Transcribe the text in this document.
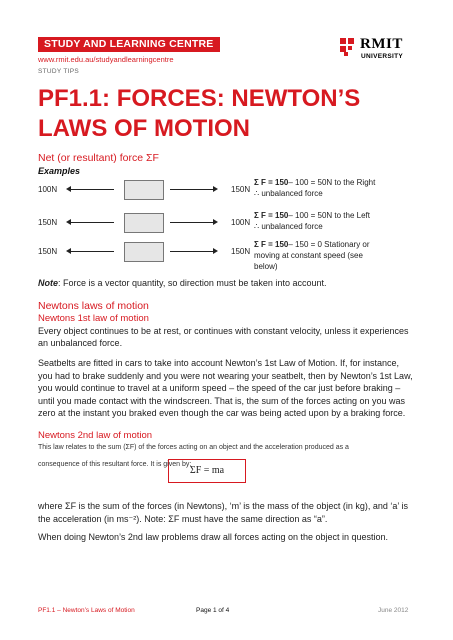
STUDY AND LEARNING CENTRE
www.rmit.edu.au/studyandlearningcentre
STUDY TIPS
RMIT
UNIVERSITY
PF1.1: FORCES: NEWTON’S LAWS OF MOTION
Net (or resultant) force ΣF
Examples
100N	150N
Σ F = 150– 100 = 50N to the Right
∴ unbalanced force
150N	100N
Σ F = 150– 100 = 50N to the Left
∴ unbalanced force
150N	150N
Σ F = 150– 150 = 0 Stationary or
moving at constant speed (see
below)
Note: Force is a vector quantity, so direction must be taken into account.
Newtons laws of motion
Newtons 1st law of motion

Every object continues to be at rest, or continues with constant velocity, unless it experiences

an unbalanced force.

Seatbelts are fitted in cars to take into account Newton’s 1st Law of Motion. If, for instance, you had to brake suddenly and you were not wearing your seatbelt, then by Newton’s 1st Law, you would continue to travel at a uniform speed – the speed of the car just before braking – until you made contact with the windscreen. That is, the sum of the forces acting on you was zero at the instant you braked even though the car was being acted upon by a braking force.

Newtons 2nd law of motion
This law relates to the sum (ΣF) of the forces acting on an object and the acceleration produced as a
ΣF = ma

where ΣF is the sum of the forces (in Newtons), ‘m’ is the mass of the object (in kg), and ‘a’ is the acceleration (in ms⁻²). Note: ΣF must have the same direction as “a”.

When doing Newton’s 2nd law problems draw all forces acting on the object in question.

PF1.1 – Newton’s Laws of Motion	Page 1 of 4	June 2012
consequence of this resultant force. It is given by:
